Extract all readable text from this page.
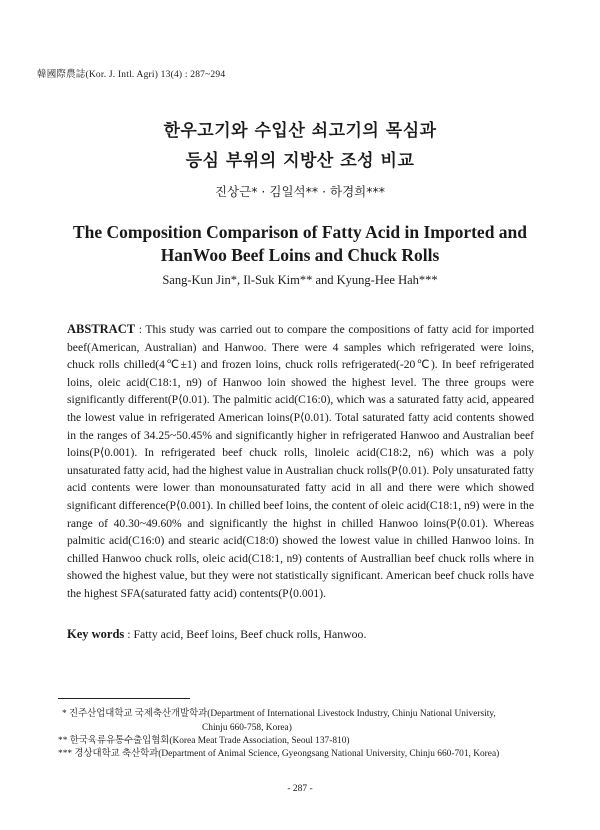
韓國際農誌(Kor. J. Intl. Agri) 13(4) : 287~294
한우고기와 수입산 쇠고기의 목심과
등심 부위의 지방산 조성 비교
진상근* · 김일석** · 하경희***
The Composition Comparison of Fatty Acid in Imported and
HanWoo Beef Loins and Chuck Rolls
Sang-Kun Jin*, Il-Suk Kim** and Kyung-Hee Hah***
ABSTRACT : This study was carried out to compare the compositions of fatty acid for imported beef(American, Australian) and Hanwoo. There were 4 samples which refrigerated were loins, chuck rolls chilled(4℃±1) and frozen loins, chuck rolls refrigerated(-20℃). In beef refrigerated loins, oleic acid(C18:1, n9) of Hanwoo loin showed the highest level. The three groups were significantly different(P⟨0.01). The palmitic acid(C16:0), which was a saturated fatty acid, appeared the lowest value in refrigerated American loins(P⟨0.01). Total saturated fatty acid contents showed in the ranges of 34.25~50.45% and significantly higher in refrigerated Hanwoo and Australian beef loins(P⟨0.001). In refrigerated beef chuck rolls, linoleic acid(C18:2, n6) which was a poly unsaturated fatty acid, had the highest value in Australian chuck rolls(P⟨0.01). Poly unsaturated fatty acid contents were lower than monounsaturated fatty acid in all and there were which showed significant difference(P⟨0.001). In chilled beef loins, the content of oleic acid(C18:1, n9) were in the range of 40.30~49.60% and significantly the highst in chilled Hanwoo loins(P⟨0.01). Whereas palmitic acid(C16:0) and stearic acid(C18:0) showed the lowest value in chilled Hanwoo loins. In chilled Hanwoo chuck rolls, oleic acid(C18:1, n9) contents of Australlian beef chuck rolls where in showed the highest value, but they were not statistically significant. American beef chuck rolls have the highest SFA(saturated fatty acid) contents(P⟨0.001).
Key words : Fatty acid, Beef loins, Beef chuck rolls, Hanwoo.
* 진주산업대학교 국제축산개발학과(Department of International Livestock Industry, Chinju National University,
Chinju 660-758, Korea)
** 한국육류유통수출입협회(Korea Meat Trade Association, Seoul 137-810)
*** 경상대학교 축산학과(Department of Animal Science, Gyeongsang National University, Chinju 660-701, Korea)
- 287 -
